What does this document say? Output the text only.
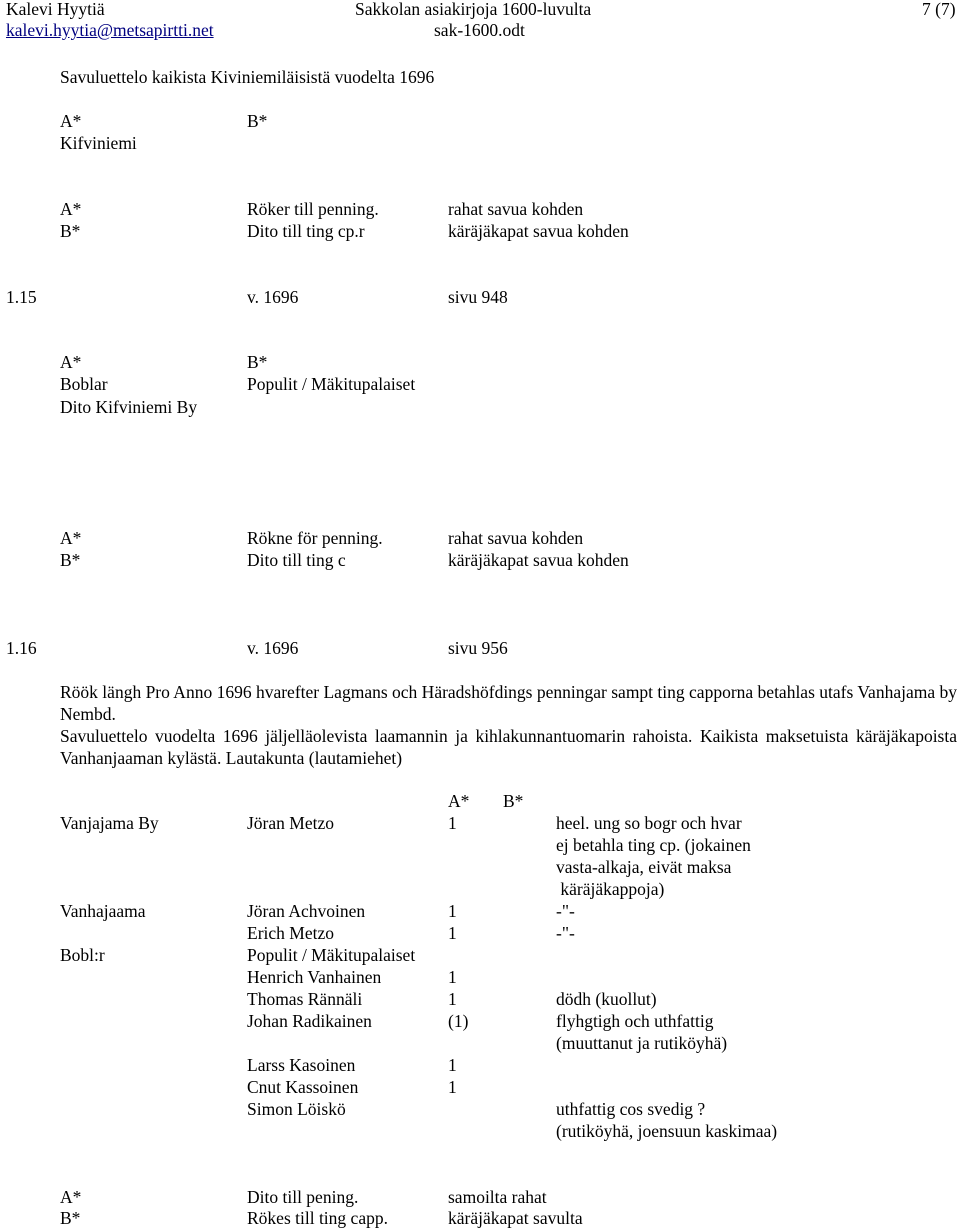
Kalevi Hyytiä	Sakkolan asiakirjoja 1600-luvulta	7 (7)
kalevi.hyytia@metsapirtti.net	sak-1600.odt
Savuluettelo kaikista Kiviniemiläisistä vuodelta 1696
A*	B*
Kifviniemi
A*	Röker till penning.	rahat savua kohden
B*	Dito till ting cp.r	käräjäkapat savua kohden
1.15	v. 1696	sivu 948
A*	B*
Boblar	Populit / Mäkitupalaiset
Dito Kifviniemi By
A*	Rökne för penning.	rahat savua kohden
B*	Dito till ting c	käräjäkapat savua kohden
1.16	v. 1696	sivu 956
Röök längh Pro Anno 1696 hvarefter Lagmans och Häradshöfdings penningar sampt ting capporna betahlas utafs Vanhajama by Nembd.
Savuluettelo vuodelta 1696 jäljelläolevista laamannin ja kihlakunnantuomarin rahoista. Kaikista maksetuista käräjäkapoista Vanhanjaaman kylästä. Lautakunta (lautamiehet)
A* B*
Vanjajama By	Jöran Metzo	1	heel. ung so bogr och hvar
ej betahla ting cp. (jokainen
vasta-alkaja, eivät maksa
käräjäkappoja)
Vanhajaama	Jöran Achvoinen	1	-"-
Erich Metzo	1	-"-
Bobl:r	Populit / Mäkitupalaiset
Henrich Vanhainen	1
Thomas Rännäli	1	dödh (kuollut)
Johan Radikainen	(1)	flyhgtigh och uthfattig
(muuttanut ja rutiköyhä)
Larss Kasoinen	1
Cnut Kassoinen	1
Simon Löiskö	uthfattig cos svedig ?
(rutiköyhä, joensuun kaskimaa)
A*	Dito till pening.	samoilta rahat
B*	Rökes till ting capp.	käräjäkapat savulta
